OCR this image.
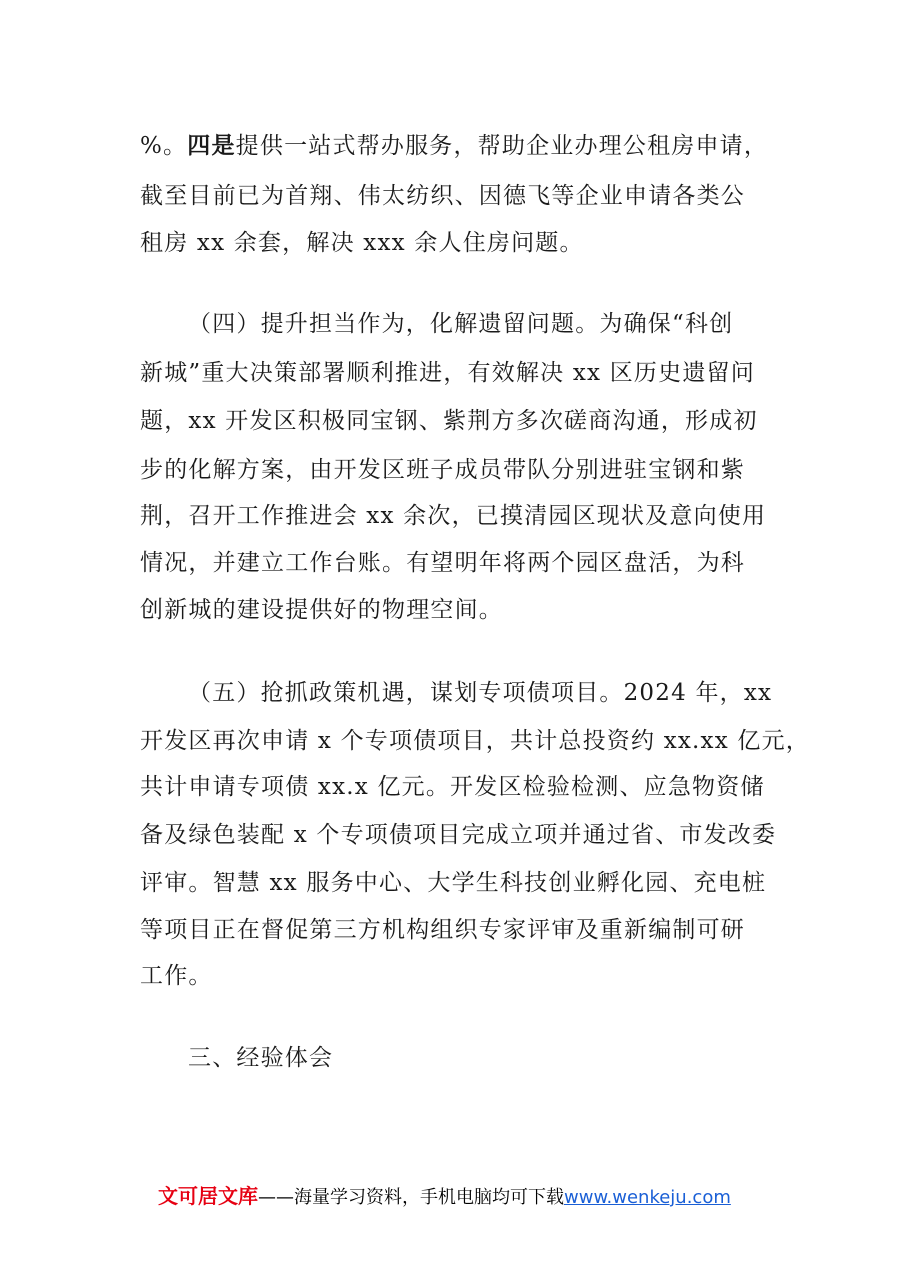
%。四是提供一站式帮办服务，帮助企业办理公租房申请，
截至目前已为首翔、伟太纺织、因德飞等企业申请各类公
租房 xx 余套，解决 xxx 余人住房问题。
（四）提升担当作为，化解遗留问题。为确保“科创
新城”重大决策部署顺利推进，有效解决 xx 区历史遗留问
题，xx 开发区积极同宝钢、紫荆方多次磋商沟通，形成初
步的化解方案，由开发区班子成员带队分别进驻宝钢和紫
荆，召开工作推进会 xx 余次，已摸清园区现状及意向使用
情况，并建立工作台账。有望明年将两个园区盘活，为科
创新城的建设提供好的物理空间。
（五）抢抓政策机遇，谋划专项债项目。2024 年，xx
开发区再次申请 x 个专项债项目，共计总投资约 xx.xx 亿元，
共计申请专项债 xx.x 亿元。开发区检验检测、应急物资储
备及绿色装配 x 个专项债项目完成立项并通过省、市发改委
评审。智慧 xx 服务中心、大学生科技创业孵化园、充电桩
等项目正在督促第三方机构组织专家评审及重新编制可研
工作。
三、经验体会
文可居文库——海量学习资料，手机电脑均可下载www.wenkeju.com
